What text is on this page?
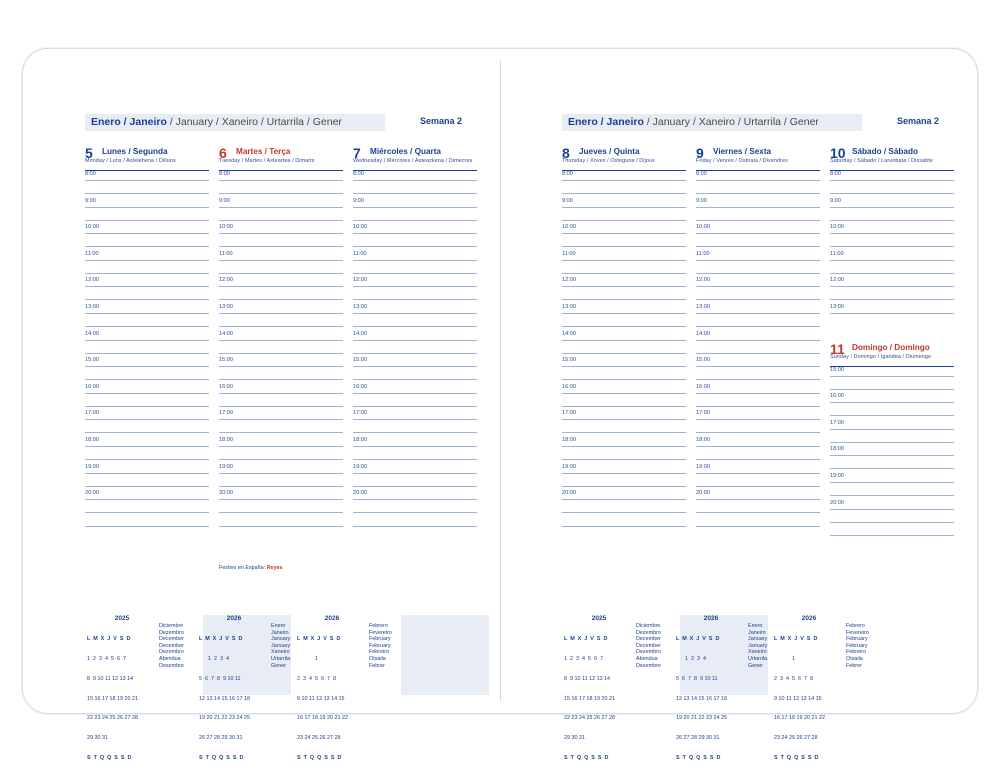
Enero / Janeiro / January / Xaneiro / Urtarrila / Gener	Semana 2
5 Lunes / Segunda
Monday / Luns / Astelehena / Dilluns
8:00
9:00
10:00
11:00
12:00
13:00
14:00
15:00
16:00
17:00
18:00
19:00
20:00
6 Martes / Terça
Tuesday / Martes / Asteartea / Dimarts
8:00
9:00
10:00
11:00
12:00
13:00
14:00
15:00
16:00
17:00
18:00
19:00
20:00
Festivo en España: Reyes
7 Miércoles / Quarta
Wednesday / Mércores / Asteazkena / Dimecres
8:00
9:00
10:00
11:00
12:00
13:00
14:00
15:00
16:00
17:00
18:00
19:00
20:00
2025

L  M  X  J  V  S  D

1  2  3  4  5  6  7

8  9 10 11 12 13 14

15 16 17 18 19 20 21

22 23 24 25 26 27 28

29 30 31

S  T  Q  Q  S  S  D

Diciembre
Dezembro
December
December
Dezembro
Abendua
Desembre
2026

L  M  X  J  V  S  D

1  2  3  4

5  6  7  8  9 10 11

12 13 14 15 16 17 18

19 20 21 22 23 24 25

26 27 28 29 30 31

S  T  Q  Q  S  S  D

Enero
Janeiro
January
January
Xaneiro
Urtarrila
Gener
2026

L  M  X  J  V  S  D

1

2  3  4  5  6  7  8

9 10 11 12 13 14 15

16 17 18 19 20 21 22

23 24 25 26 27 28

S  T  Q  Q  S  S  D

Febrero
Fevereiro
February
February
Febreiro
Otsaila
Febrer
Enero / Janeiro / January / Xaneiro / Urtarrila / Gener	Semana 2
8 Jueves / Quinta
Thursday / Xoves / Osteguna / Dijous
8:00
9:00
10:00
11:00
12:00
13:00
14:00
15:00
16:00
17:00
18:00
19:00
20:00
9 Viernes / Sexta
Friday / Venres / Ostirala / Divendres
8:00
9:00
10:00
11:00
12:00
13:00
14:00
15:00
16:00
17:00
18:00
19:00
20:00
10 Sábado / Sábado
Saturday / Sábado / Larunbata / Dissabte
8:00
9:00
10:00
11:00
12:00
13:00
11 Domingo / Domingo
Sunday / Domingo / Igandea / Diumenge
15:00
16:00
17:00
18:00
19:00
20:00
2025

L  M  X  J  V  S  D

1  2  3  4  5  6  7

8  9 10 11 12 13 14

15 16 17 18 19 20 21

22 23 24 25 26 27 28

29 30 31

S  T  Q  Q  S  S  D

Diciembre
Dezembro
December
December
Dezembro
Abendua
Desembre
2026

L  M  X  J  V  S  D

1  2  3  4

5  6  7  8  9 10 11

12 13 14 15 16 17 18

19 20 21 22 23 24 25

26 27 28 29 30 31

S  T  Q  Q  S  S  D

Enero
Janeiro
January
January
Xaneiro
Urtarrila
Gener
2026

L  M  X  J  V  S  D

1

2  3  4  5  6  7  8

9 10 11 12 13 14 15

16 17 18 19 20 21 22

23 24 25 26 27 28

S  T  Q  Q  S  S  D

Febrero
Fevereiro
February
February
Febreiro
Otsaila
Febrer
